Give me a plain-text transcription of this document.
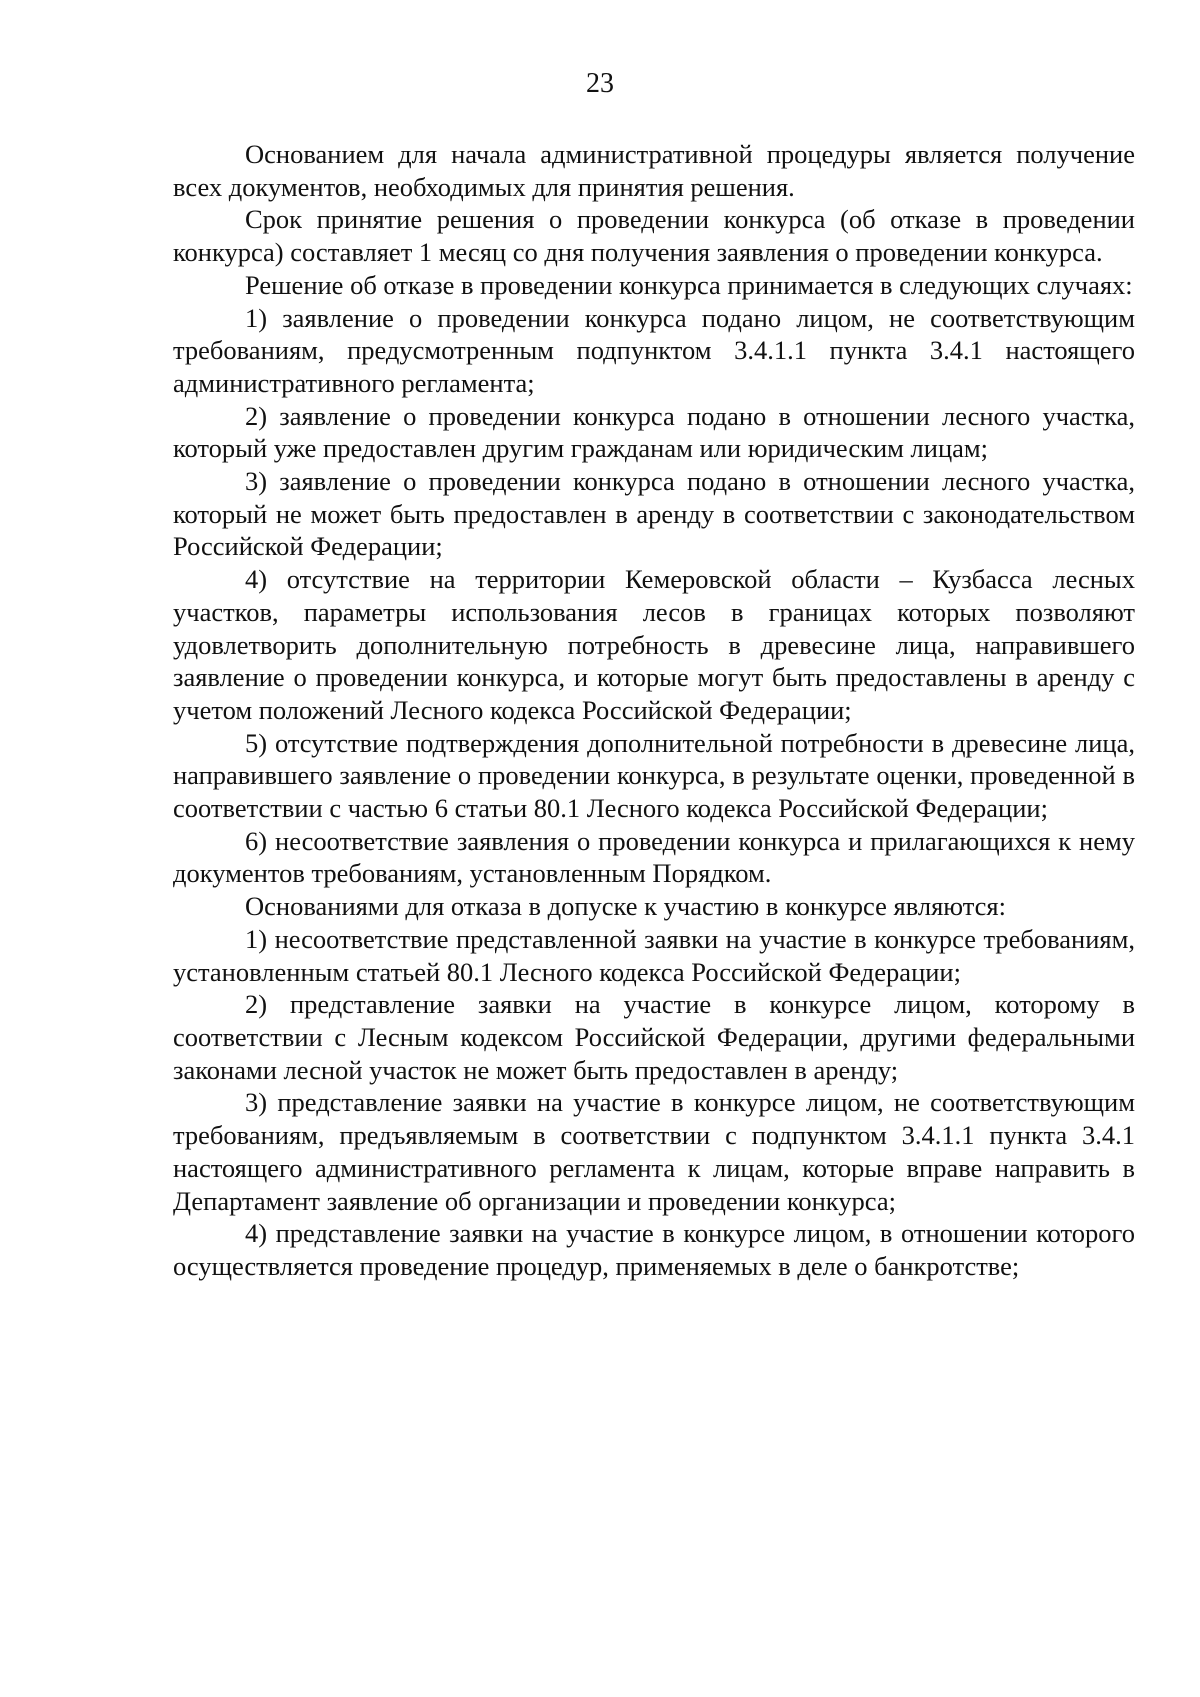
23

Основанием для начала административной процедуры является получение всех документов, необходимых для принятия решения.

Срок принятие решения о проведении конкурса (об отказе в проведении конкурса) составляет 1 месяц со дня получения заявления о проведении конкурса.

Решение об отказе в проведении конкурса принимается в следующих случаях:

1) заявление о проведении конкурса подано лицом, не соответствующим требованиям, предусмотренным подпунктом 3.4.1.1 пункта 3.4.1 настоящего административного регламента;

2) заявление о проведении конкурса подано в отношении лесного участка, который уже предоставлен другим гражданам или юридическим лицам;

3) заявление о проведении конкурса подано в отношении лесного участка, который не может быть предоставлен в аренду в соответствии с законодательством Российской Федерации;

4) отсутствие на территории Кемеровской области – Кузбасса лесных участков, параметры использования лесов в границах которых позволяют удовлетворить дополнительную потребность в древесине лица, направившего заявление о проведении конкурса, и которые могут быть предоставлены в аренду с учетом положений Лесного кодекса Российской Федерации;

5) отсутствие подтверждения дополнительной потребности в древесине лица, направившего заявление о проведении конкурса, в результате оценки, проведенной в соответствии с частью 6 статьи 80.1 Лесного кодекса Российской Федерации;

6) несоответствие заявления о проведении конкурса и прилагающихся к нему документов требованиям, установленным Порядком.

Основаниями для отказа в допуске к участию в конкурсе являются:

1) несоответствие представленной заявки на участие в конкурсе требованиям, установленным статьей 80.1 Лесного кодекса Российской Федерации;

2) представление заявки на участие в конкурсе лицом, которому в соответствии с Лесным кодексом Российской Федерации, другими федеральными законами лесной участок не может быть предоставлен в аренду;

3) представление заявки на участие в конкурсе лицом, не соответствующим требованиям, предъявляемым в соответствии с подпунктом 3.4.1.1 пункта 3.4.1 настоящего административного регламента к лицам, которые вправе направить в Департамент заявление об организации и проведении конкурса;

4) представление заявки на участие в конкурсе лицом, в отношении которого осуществляется проведение процедур, применяемых в деле о банкротстве;
